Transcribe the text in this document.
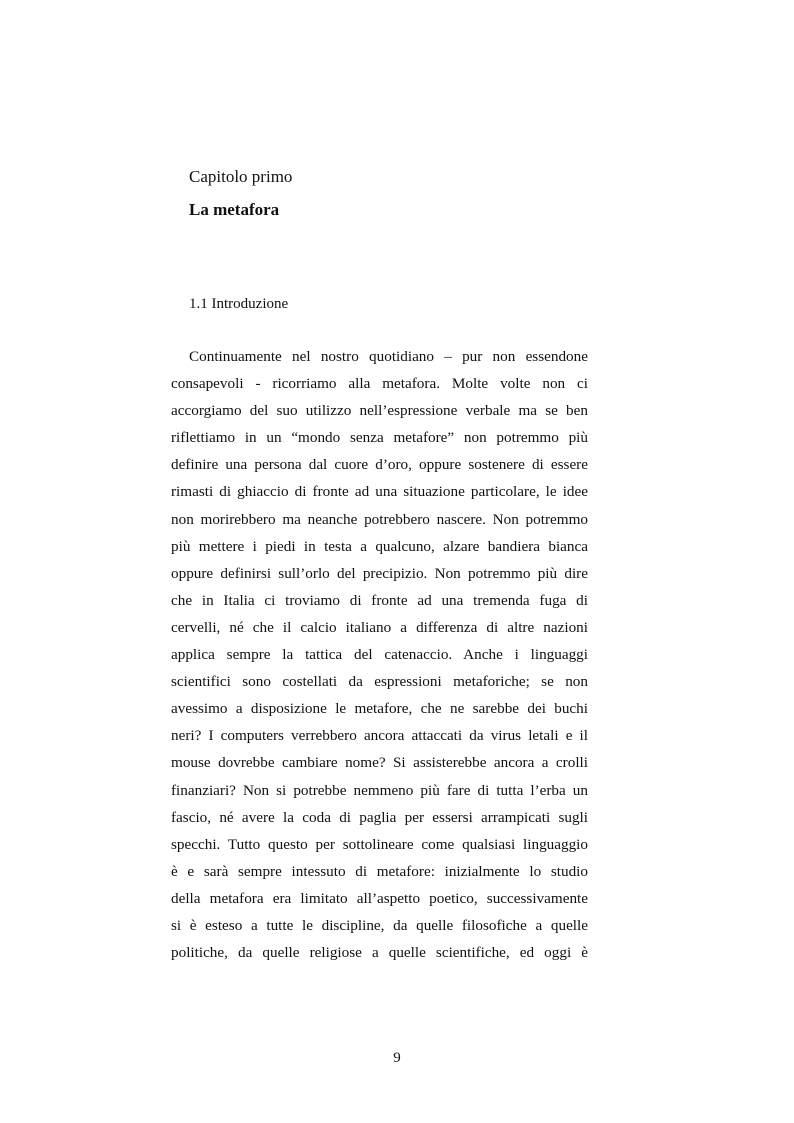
Capitolo primo
La metafora
1.1 Introduzione
Continuamente nel nostro quotidiano – pur non essendone
consapevoli - ricorriamo alla metafora. Molte volte non ci
accorgiamo del suo utilizzo nell’espressione verbale ma se ben
riflettiamo in un “mondo senza metafore” non potremmo più
definire una persona dal cuore d’oro, oppure sostenere di essere
rimasti di ghiaccio di fronte ad una situazione particolare, le idee
non morirebbero ma neanche potrebbero nascere. Non potremmo
più mettere i piedi in testa a qualcuno, alzare bandiera bianca
oppure definirsi sull’orlo del precipizio. Non potremmo più dire
che in Italia ci troviamo di fronte ad una tremenda fuga di
cervelli, né che il calcio italiano a differenza di altre nazioni
applica sempre la tattica del catenaccio. Anche i linguaggi
scientifici sono costellati da espressioni metaforiche; se non
avessimo a disposizione le metafore, che ne sarebbe dei buchi
neri? I computers verrebbero ancora attaccati da virus letali e il
mouse dovrebbe cambiare nome? Si assisterebbe ancora a crolli
finanziari? Non si potrebbe nemmeno più fare di tutta l’erba un
fascio, né avere la coda di paglia per essersi arrampicati sugli
specchi. Tutto questo per sottolineare come qualsiasi linguaggio
è e sarà sempre intessuto di metafore: inizialmente lo studio
della metafora era limitato all’aspetto poetico, successivamente
si è esteso a tutte le discipline, da quelle filosofiche a quelle
politiche, da quelle religiose a quelle scientifiche, ed oggi è
9
